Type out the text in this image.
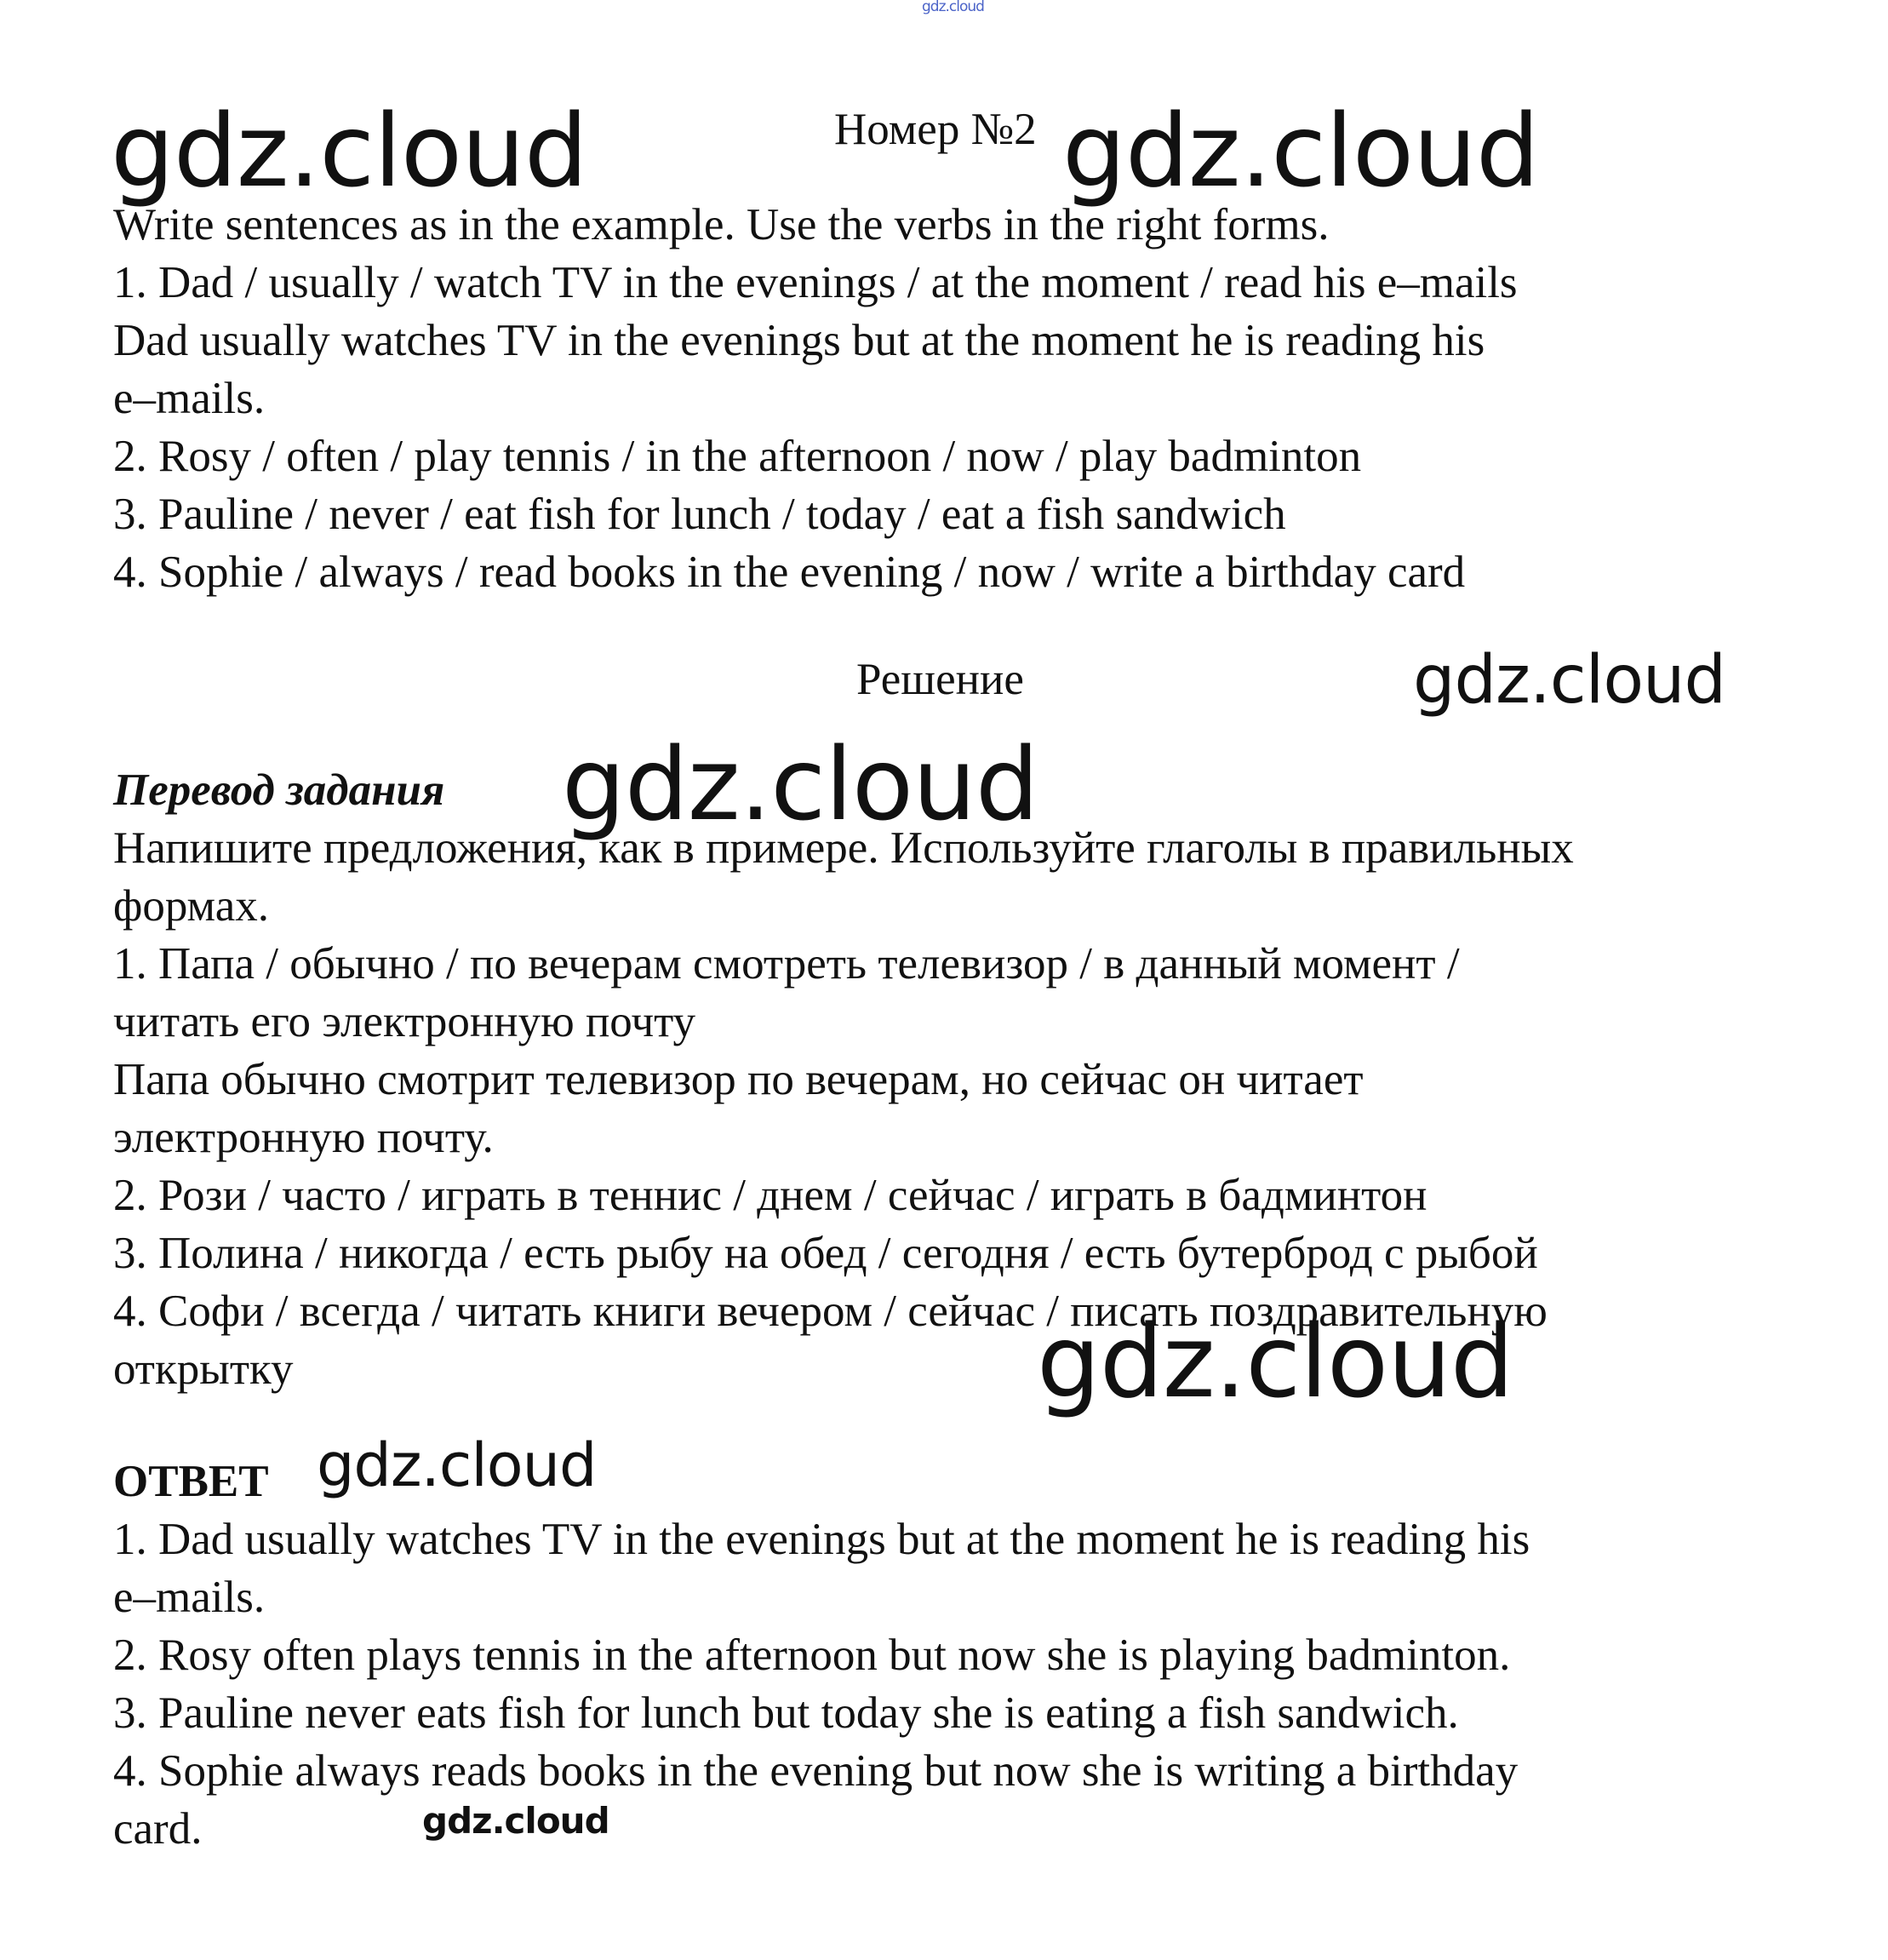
gdz.cloud
Номер №2
Write sentences as in the example. Use the verbs in the right forms.
1. Dad / usually / watch TV in the evenings / at the moment / read his e–mails
Dad usually watches TV in the evenings but at the moment he is reading his
e–mails.
2. Rosy / often / play tennis / in the afternoon / now / play badminton
3. Pauline / never / eat fish for lunch / today / eat a fish sandwich
4. Sophie / always / read books in the evening / now / write a birthday card
Решение
Перевод задания
Напишите предложения, как в примере. Используйте глаголы в правильных
формах.
1. Папа / обычно / по вечерам смотреть телевизор / в данный момент /
читать его электронную почту
Папа обычно смотрит телевизор по вечерам, но сейчас он читает
электронную почту.
2. Рози / часто / играть в теннис / днем / сейчас / играть в бадминтон
3. Полина / никогда / есть рыбу на обед / сегодня / есть бутерброд с рыбой
4. Софи / всегда / читать книги вечером / сейчас / писать поздравительную
открытку
ОТВЕТ
1. Dad usually watches TV in the evenings but at the moment he is reading his
e–mails.
2. Rosy often plays tennis in the afternoon but now she is playing badminton.
3. Pauline never eats fish for lunch but today she is eating a fish sandwich.
4. Sophie always reads books in the evening but now she is writing a birthday
card.
gdz.cloud	gdz.cloud
gdz.cloud
gdz.cloud
gdz.cloud
gdz.cloud
gdz.cloud
